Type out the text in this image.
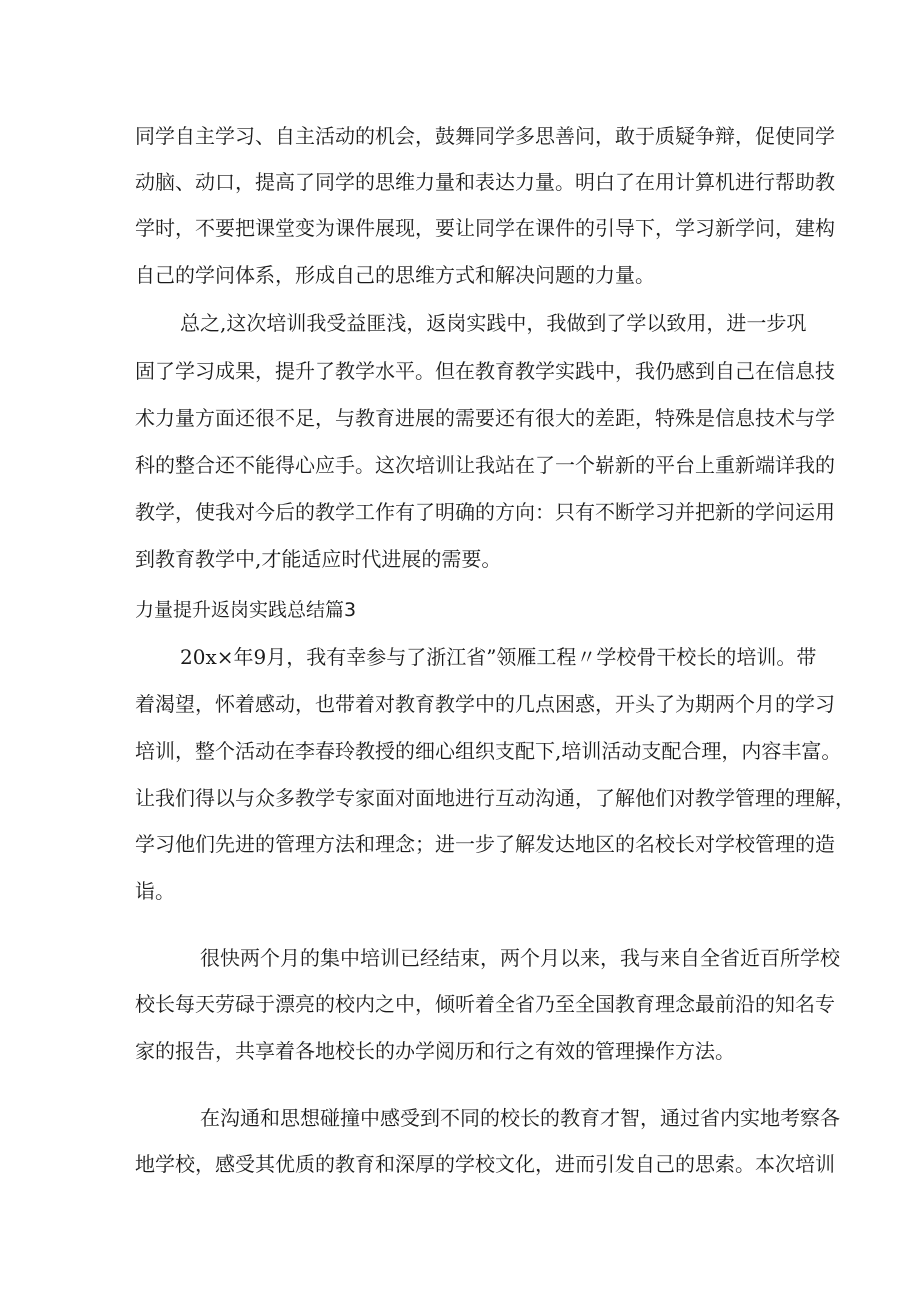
同学自主学习、自主活动的机会，鼓舞同学多思善问，敢于质疑争辩，促使同学
动脑、动口，提高了同学的思维力量和表达力量。明白了在用计算机进行帮助教
学时，不要把课堂变为课件展现，要让同学在课件的引导下，学习新学问，建构
自己的学问体系，形成自己的思维方式和解决问题的力量。
总之,这次培训我受益匪浅，返岗实践中，我做到了学以致用，进一步巩
固了学习成果，提升了教学水平。但在教育教学实践中，我仍感到自己在信息技
术力量方面还很不足，与教育进展的需要还有很大的差距，特殊是信息技术与学
科的整合还不能得心应手。这次培训让我站在了一个崭新的平台上重新端详我的
教学，使我对今后的教学工作有了明确的方向：只有不断学习并把新的学问运用
到教育教学中,才能适应时代进展的需要。
力量提升返岗实践总结篇3
20x×年9月，我有幸参与了浙江省”领雁工程〃学校骨干校长的培训。带
着渴望，怀着感动，也带着对教育教学中的几点困惑，开头了为期两个月的学习
培训，整个活动在李春玲教授的细心组织支配下,培训活动支配合理，内容丰富。
让我们得以与众多教学专家面对面地进行互动沟通，了解他们对教学管理的理解，
学习他们先进的管理方法和理念；进一步了解发达地区的名校长对学校管理的造
诣。
很快两个月的集中培训已经结束，两个月以来，我与来自全省近百所学校
校长每天劳碌于漂亮的校内之中，倾听着全省乃至全国教育理念最前沿的知名专
家的报告，共享着各地校长的办学阅历和行之有效的管理操作方法。
在沟通和思想碰撞中感受到不同的校长的教育才智，通过省内实地考察各
地学校，感受其优质的教育和深厚的学校文化，进而引发自己的思索。本次培训
